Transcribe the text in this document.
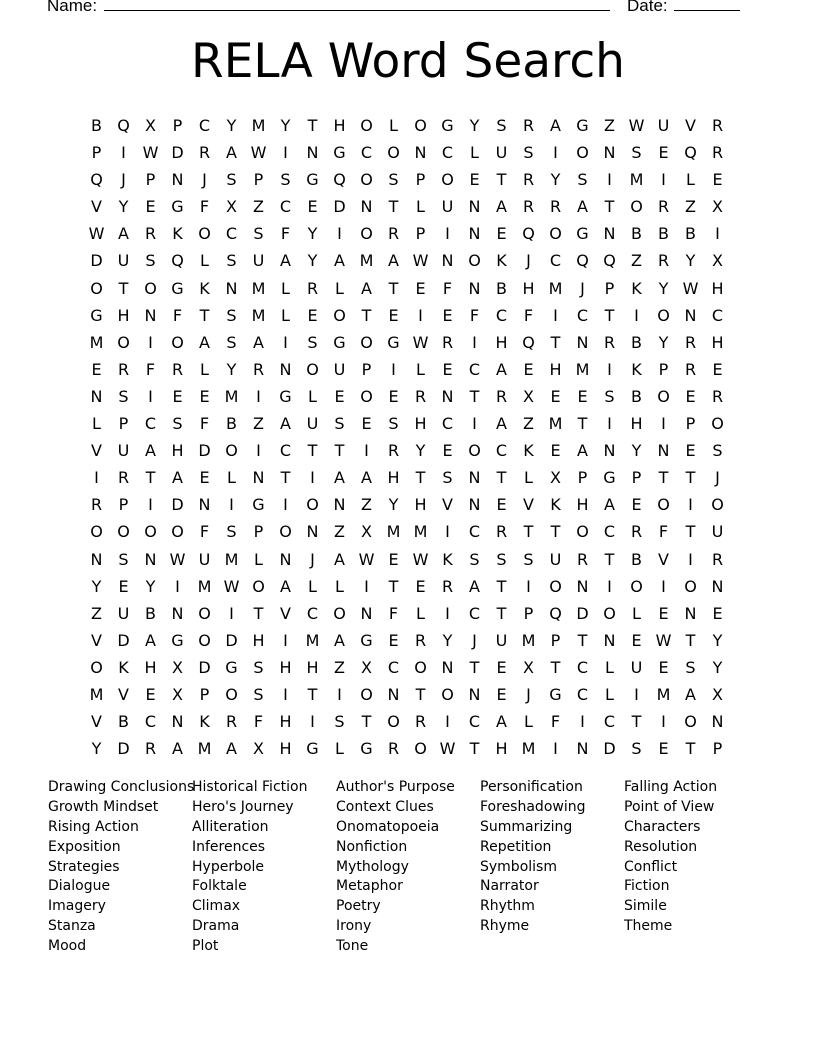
Name:	Date:
RELA Word Search
B Q X	P	C	Y M Y	T	H O	L	O G Y	S	R A G Z W U V R
P	I	W D R A W	I	N G C O N C	L	U	S	I	O N S	E Q R
Q	J	P	N	J	S	P	S G Q O S	P O E	T	R	Y	S	I	M	I	L	E
V	Y	E G	F	X	Z C	E D N	T	L	U N A R R A	T O R Z	X
W A R	K O C	S	F	Y	I	O R	P	I	N E Q O G N B	B	B	I
D U	S Q	L	S	U A	Y	A M A W N O K	J	C Q Q Z R	Y	X
O T O G K N M L	R	L	A	T	E	F	N B H M	J	P	K	Y W H
G H N	F	T	S M L	E O T	E	I	E	F	C	F	I	C	T	I	O N C
M O	I	O A	S	A	I	S G O G W R	I	H Q T	N R B	Y	R H
E	R	F	R	L	Y	R N O U	P	I	L	E	C A	E H M	I	K	P	R	E
N S	I	E	E M	I	G	L	E O E	R N	T	R X	E	E	S	B O E	R
L	P	C	S	F	B	Z	A U	S	E	S H C	I	A	Z M T	I	H	I	P O
V U A H D O	I	C	T	T	I	R	Y	E O C	K	E	A N	Y	N E	S
I	R	T	A	E	L	N	T	I	A	A H	T	S N	T	L	X	P G P	T	T	J
R	P	I	D N	I	G	I	O N Z	Y	H V N E	V	K H A	E O	I	O
O O O O	F	S	P O N Z	X M M	I	C R	T	T O C R	F	T	U
N S N W U M L	N	J	A W E W K	S	S	S	U R	T	B	V	I	R
Y	E	Y	I	M W O A	L	L	I	T	E	R A	T	I	O N	I	O	I	O N
Z U B N O	I	T	V C O N	F	L	I	C	T	P Q D O	L	E N E
V D A G O D H	I	M A G E	R	Y	J	U M P	T	N E W T	Y
O K H X D G S H H Z	X C O N	T	E	X	T	C	L	U	E	S	Y
M V	E	X	P O S	I	T	I	O N	T O N E	J	G C	L	I	M A	X
V	B C N K	R	F	H	I	S	T O R	I	C A	L	F	I	C	T	I	O N
Y D R A M A	X H G	L	G R O W T	H M	I	N D S	E	T	P
Drawing Conclusions
Growth Mindset
Rising Action
Exposition
Strategies
Dialogue
Imagery
Stanza
Mood
Historical Fiction
Hero's Journey
Alliteration
Inferences
Hyperbole
Folktale
Climax
Drama
Plot
Author's Purpose
Context Clues
Onomatopoeia
Nonfiction
Mythology
Metaphor
Poetry
Irony
Tone
Personification
Foreshadowing
Summarizing
Repetition
Symbolism
Narrator
Rhythm
Rhyme
Falling Action
Point of View
Characters
Resolution
Conflict
Fiction
Simile
Theme
